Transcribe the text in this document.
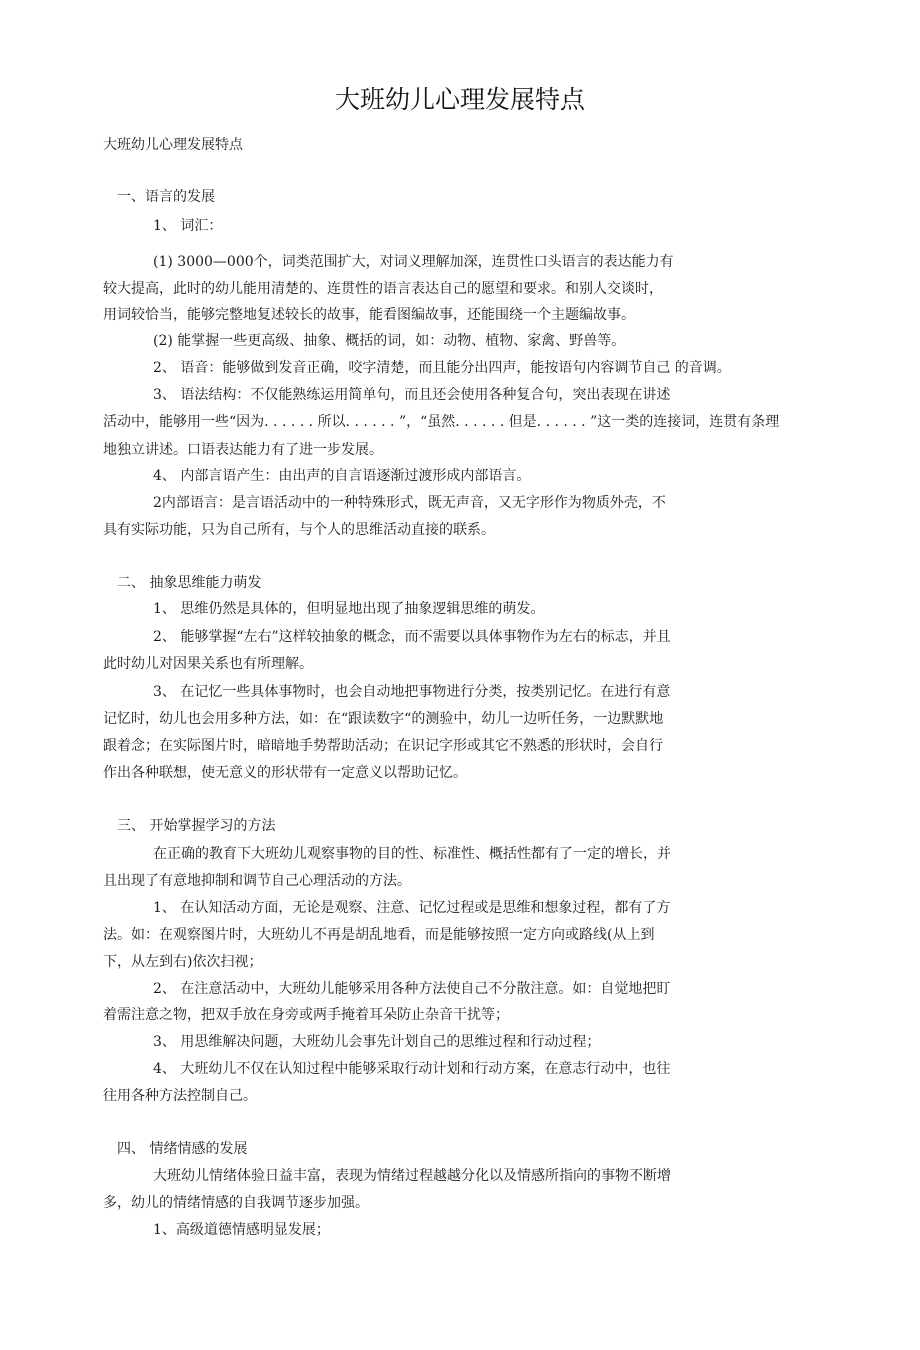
大班幼儿心理发展特点
大班幼儿心理发展特点
一、语言的发展
1、 词汇：
(1) 3000—000个，词类范围扩大，对词义理解加深，连贯性口头语言的表达能力有
较大提高，此时的幼儿能用清楚的、连贯性的语言表达自己的愿望和要求。和别人交谈时，
用词较恰当，能够完整地复述较长的故事，能看图编故事，还能围绕一个主题编故事。
(2) 能掌握一些更高级、抽象、概括的词，如：动物、植物、家禽、野兽等。
2、 语音：能够做到发音正确，咬字清楚，而且能分出四声，能按语句内容调节自己 的音调。
3、 语法结构：不仅能熟练运用简单句，而且还会使用各种复合句，突出表现在讲述
活动中，能够用一些“因为. . . . . . 所以. . . . . . ”，“虽然. . . . . . 但是. . . . . . ”这一类的连接词，连贯有条理
地独立讲述。口语表达能力有了进一步发展。
4、 内部言语产生：由出声的自言语逐渐过渡形成内部语言。
2内部语言：是言语活动中的一种特殊形式，既无声音，又无字形作为物质外壳，不
具有实际功能，只为自己所有，与个人的思维活动直接的联系。
二、 抽象思维能力萌发
1、 思维仍然是具体的，但明显地出现了抽象逻辑思维的萌发。
2、 能够掌握“左右”这样较抽象的概念，而不需要以具体事物作为左右的标志，并且
此时幼儿对因果关系也有所理解。
3、 在记忆一些具体事物时，也会自动地把事物进行分类，按类别记忆。在进行有意
记忆时，幼儿也会用多种方法，如：在“跟读数字“的测验中，幼儿一边听任务，一边默默地
跟着念；在实际图片时，暗暗地手势帮助活动；在识记字形或其它不熟悉的形状时，会自行
作出各种联想，使无意义的形状带有一定意义以帮助记忆。
三、 开始掌握学习的方法
在正确的教育下大班幼儿观察事物的目的性、标准性、概括性都有了一定的增长，并
且出现了有意地抑制和调节自己心理活动的方法。
1、 在认知活动方面，无论是观察、注意、记忆过程或是思维和想象过程，都有了方
法。如：在观察图片时，大班幼儿不再是胡乱地看，而是能够按照一定方向或路线(从上到
下，从左到右)依次扫视；
2、 在注意活动中，大班幼儿能够采用各种方法使自己不分散注意。如：自觉地把盯
着需注意之物，把双手放在身旁或两手掩着耳朵防止杂音干扰等；
3、 用思维解决问题，大班幼儿会事先计划自己的思维过程和行动过程；
4、 大班幼儿不仅在认知过程中能够采取行动计划和行动方案，在意志行动中，也往
往用各种方法控制自己。
四、 情绪情感的发展
大班幼儿情绪体验日益丰富，表现为情绪过程越越分化以及情感所指向的事物不断增
多，幼儿的情绪情感的自我调节逐步加强。
1、高级道德情感明显发展；
